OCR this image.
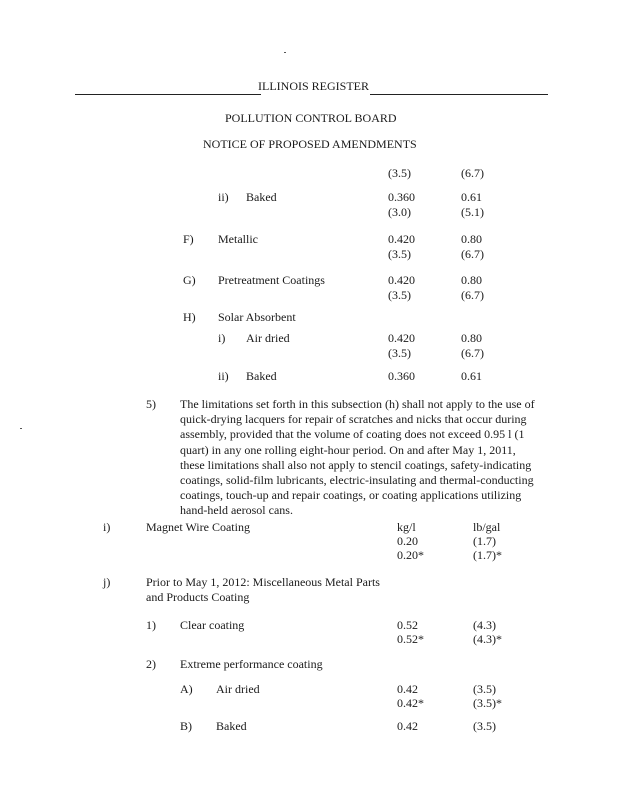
ILLINOIS REGISTER
POLLUTION CONTROL BOARD
NOTICE OF PROPOSED AMENDMENTS
(3.5)	(6.7)
ii) Baked	0.360	0.61
(3.0)	(5.1)
F) Metallic	0.420	0.80
(3.5)	(6.7)
G) Pretreatment Coatings	0.420	0.80
(3.5)	(6.7)
H) Solar Absorbent
i) Air dried	0.420	0.80
(3.5)	(6.7)
ii) Baked	0.360	0.61
5) The limitations set forth in this subsection (h) shall not apply to the use of
quick-drying lacquers for repair of scratches and nicks that occur during
assembly, provided that the volume of coating does not exceed 0.95 l (1
quart) in any one rolling eight-hour period. On and after May 1, 2011,
these limitations shall also not apply to stencil coatings, safety-indicating
coatings, solid-film lubricants, electric-insulating and thermal-conducting
coatings, touch-up and repair coatings, or coating applications utilizing
hand-held aerosol cans.
i)	Magnet Wire Coating	kg/l	lb/gal
0.20	(1.7)
0.20*	(1.7)*
j)	Prior to May 1, 2012: Miscellaneous Metal Parts
and Products Coating
1) Clear coating	0.52	(4.3)
0.52*	(4.3)*
2) Extreme performance coating
A) Air dried	0.42	(3.5)
0.42*	(3.5)*
B) Baked	0.42	(3.5)
